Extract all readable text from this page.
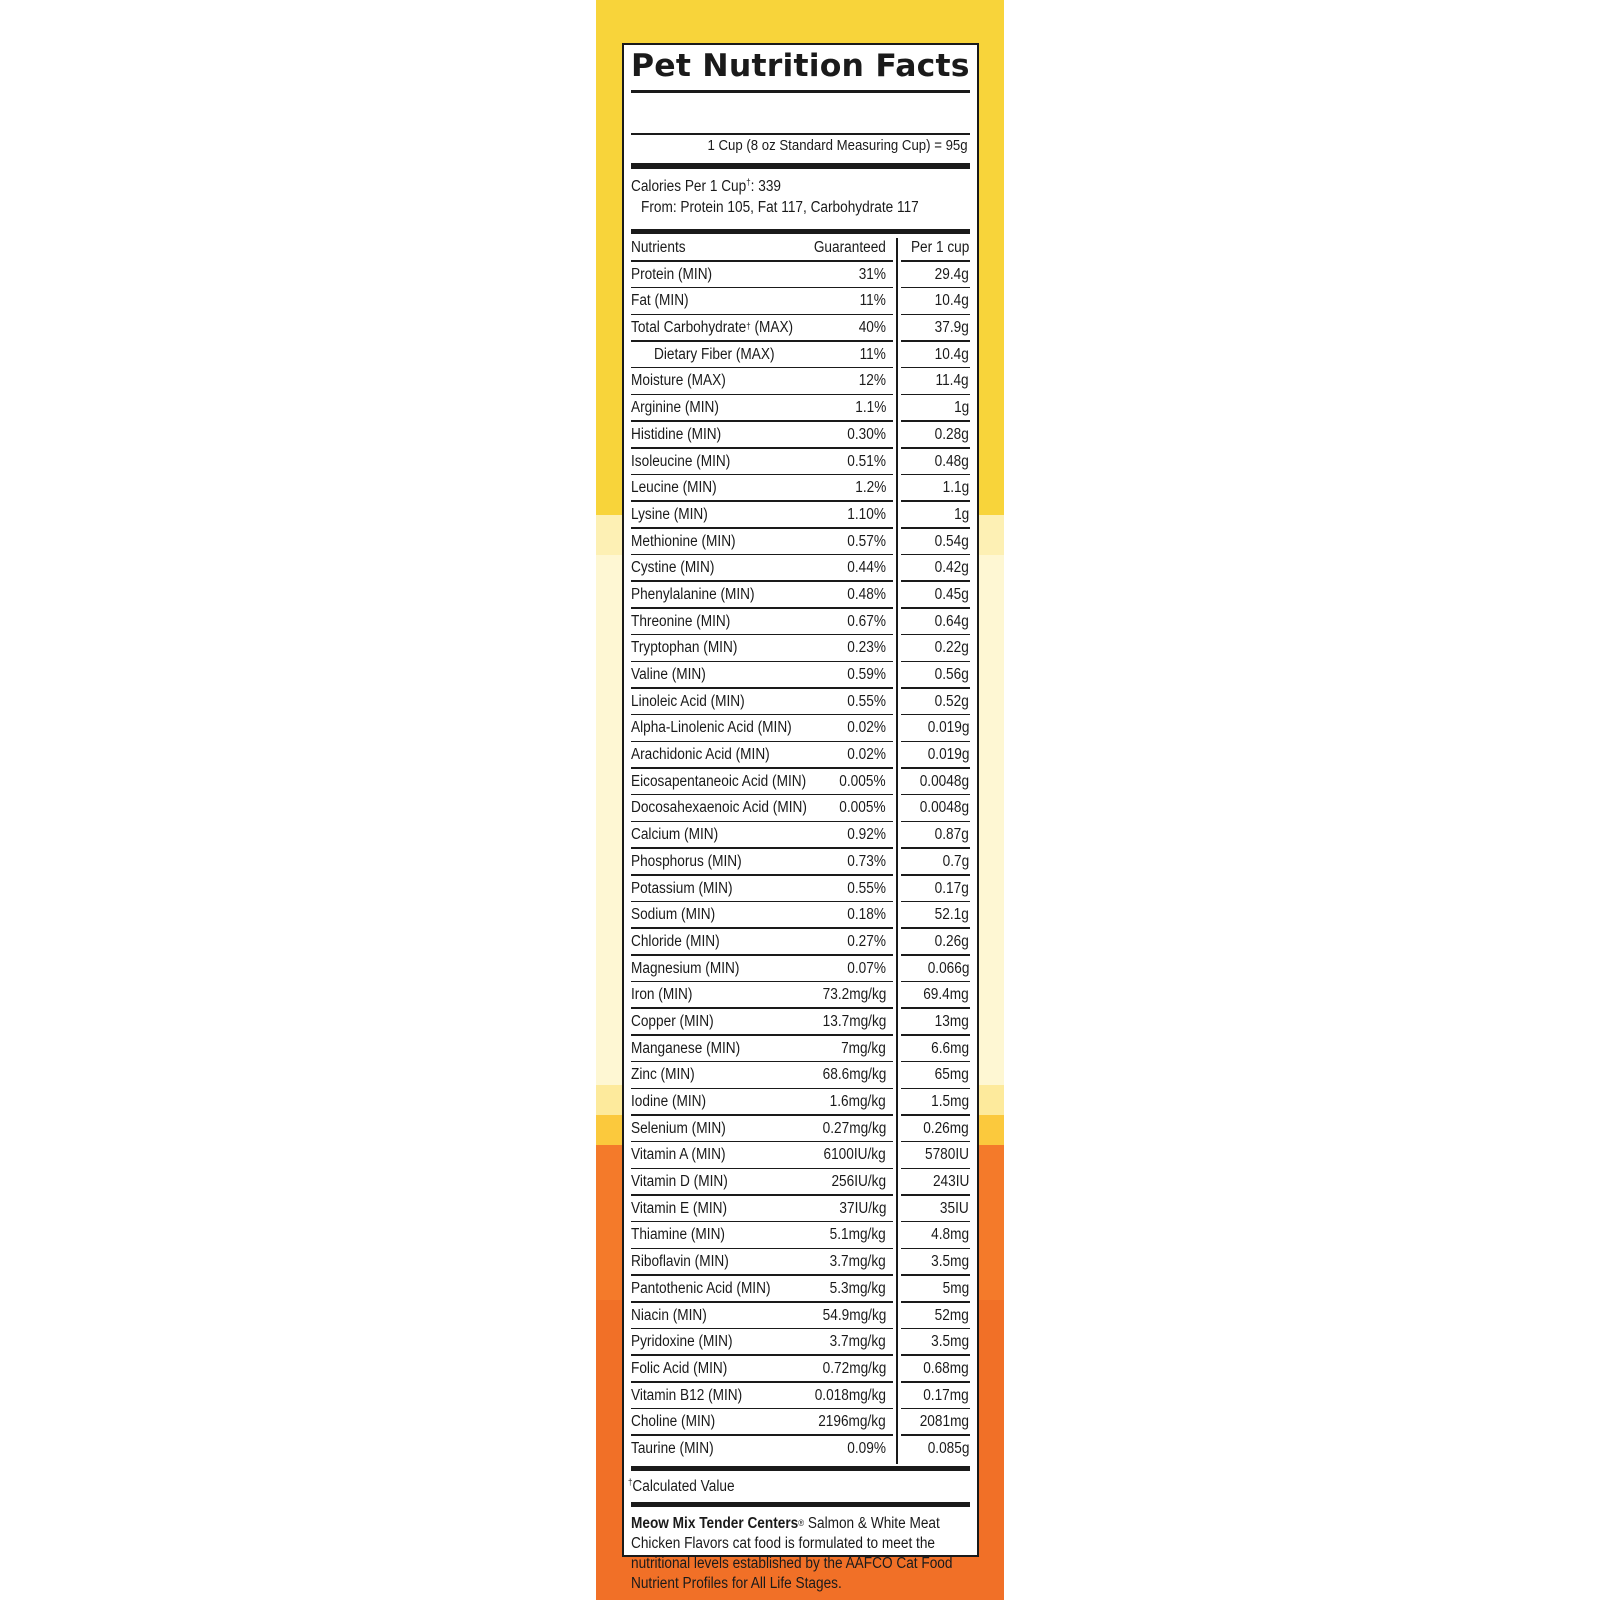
Pet Nutrition Facts
1 Cup (8 oz Standard Measuring Cup) = 95g
Calories Per 1 Cup†: 339
From: Protein 105, Fat 117, Carbohydrate 117
Nutrients	Guaranteed Per 1 cup
Protein (MIN)	31%	29.4g
Fat (MIN)	11%	10.4g
Total Carbohydrate† (MAX)	40%	37.9g
Dietary Fiber (MAX)	11%	10.4g
Moisture (MAX)	12%	11.4g
Arginine (MIN)	1.1%	1g
Histidine (MIN)	0.30%	0.28g
Isoleucine (MIN)	0.51%	0.48g
Leucine (MIN)	1.2%	1.1g
Lysine (MIN)	1.10%	1g
Methionine (MIN)	0.57%	0.54g
Cystine (MIN)	0.44%	0.42g
Phenylalanine (MIN)	0.48%	0.45g
Threonine (MIN)	0.67%	0.64g
Tryptophan (MIN)	0.23%	0.22g
Valine (MIN)	0.59%	0.56g
Linoleic Acid (MIN)	0.55%	0.52g
Alpha-Linolenic Acid (MIN)	0.02%	0.019g
Arachidonic Acid (MIN)	0.02%	0.019g
Eicosapentaneoic Acid (MIN) 0.005% 0.0048g
Docosahexaenoic Acid (MIN) 0.005% 0.0048g
Calcium (MIN)	0.92%	0.87g
Phosphorus (MIN)	0.73%	0.7g
Potassium (MIN)	0.55%	0.17g
Sodium (MIN)	0.18%	52.1g
Chloride (MIN)	0.27%	0.26g
Magnesium (MIN)	0.07%	0.066g
Iron (MIN)	73.2mg/kg 69.4mg
Copper (MIN)	13.7mg/kg	13mg
Manganese (MIN)	7mg/kg	6.6mg
Zinc (MIN)	68.6mg/kg	65mg
Iodine (MIN)	1.6mg/kg	1.5mg
Selenium (MIN)	0.27mg/kg 0.26mg
Vitamin A (MIN)	6100IU/kg	5780IU
Vitamin D (MIN)	256IU/kg	243IU
Vitamin E (MIN)	37IU/kg	35IU
Thiamine (MIN)	5.1mg/kg	4.8mg
Riboflavin (MIN)	3.7mg/kg	3.5mg
Pantothenic Acid (MIN)	5.3mg/kg	5mg
Niacin (MIN)	54.9mg/kg	52mg
Pyridoxine (MIN)	3.7mg/kg	3.5mg
Folic Acid (MIN)	0.72mg/kg 0.68mg
Vitamin B12 (MIN)	0.018mg/kg 0.17mg
Choline (MIN)	2196mg/kg 2081mg
Taurine (MIN)	0.09%	0.085g
†Calculated Value
Meow Mix Tender Centers® Salmon & White Meat Chicken Flavors cat food is formulated to meet the nutritional levels established by the AAFCO Cat Food Nutrient Profiles for All Life Stages.
